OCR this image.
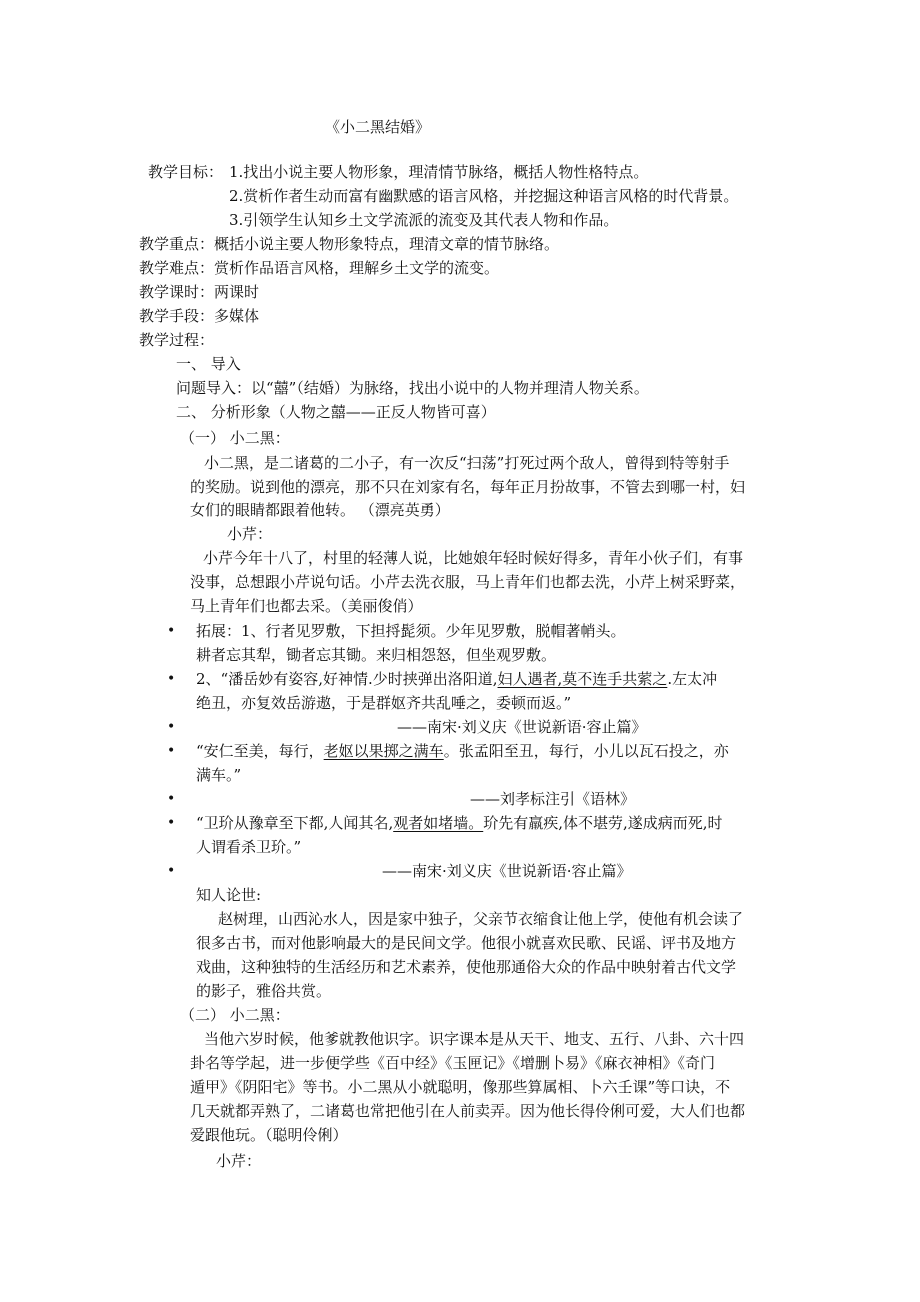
《小二黑结婚》
教学目标： 1.找出小说主要人物形象，理清情节脉络，概括人物性格特点。
2.赏析作者生动而富有幽默感的语言风格，并挖掘这种语言风格的时代背景。
3.引领学生认知乡土文学流派的流变及其代表人物和作品。
教学重点：概括小说主要人物形象特点，理清文章的情节脉络。
教学难点：赏析作品语言风格，理解乡土文学的流变。
教学课时：两课时
教学手段：多媒体
教学过程：
一、 导入
问题导入：以“囍”（结婚）为脉络，找出小说中的人物并理清人物关系。
二、 分析形象（人物之囍——正反人物皆可喜）
（一） 小二黑：
小二黑，是二诸葛的二小子，有一次反“扫荡”打死过两个敌人，曾得到特等射手
的奖励。说到他的漂亮，那不只在刘家有名，每年正月扮故事，不管去到哪一村，妇
女们的眼睛都跟着他转。 （漂亮英勇）
小芹：
小芹今年十八了，村里的轻薄人说，比她娘年轻时候好得多，青年小伙子们，有事
没事，总想跟小芹说句话。小芹去洗衣服，马上青年们也都去洗，小芹上树采野菜，
马上青年们也都去采。（美丽俊俏）
• 拓展：1、行者见罗敷，下担捋髭须。少年见罗敷，脱帽著帩头。
耕者忘其犁，锄者忘其锄。来归相怨怒，但坐观罗敷。
• 2、“潘岳妙有姿容,好神情.少时挟弹出洛阳道,妇人遇者,莫不连手共萦之.左太冲
绝丑，亦复效岳游遨，于是群妪齐共乱唾之，委顿而返。”
•	——南宋·刘义庆《世说新语·容止篇》
• “安仁至美，每行，老妪以果掷之满车。张孟阳至丑，每行，小儿以瓦石投之，亦
满车。”
•	——刘孝标注引《语林》
• “卫玠从豫章至下都,人闻其名,观者如堵墙。玠先有羸疾,体不堪劳,遂成病而死,时
人谓看杀卫玠。”
•	——南宋·刘义庆《世说新语·容止篇》
知人论世:
赵树理，山西沁水人，因是家中独子，父亲节衣缩食让他上学，使他有机会读了
很多古书，而对他影响最大的是民间文学。他很小就喜欢民歌、民谣、评书及地方
戏曲，这种独特的生活经历和艺术素养，使他那通俗大众的作品中映射着古代文学
的影子，雅俗共赏。
（二） 小二黑：
当他六岁时候，他爹就教他识字。识字课本是从天干、地支、五行、八卦、六十四
卦名等学起，进一步便学些《百中经》《玉匣记》《增删卜易》《麻衣神相》《奇门
遁甲》《阴阳宅》等书。小二黑从小就聪明，像那些算属相、卜六壬课”等口诀，不
几天就都弄熟了，二诸葛也常把他引在人前卖弄。因为他长得伶俐可爱，大人们也都
爱跟他玩。（聪明伶俐）
小芹：
